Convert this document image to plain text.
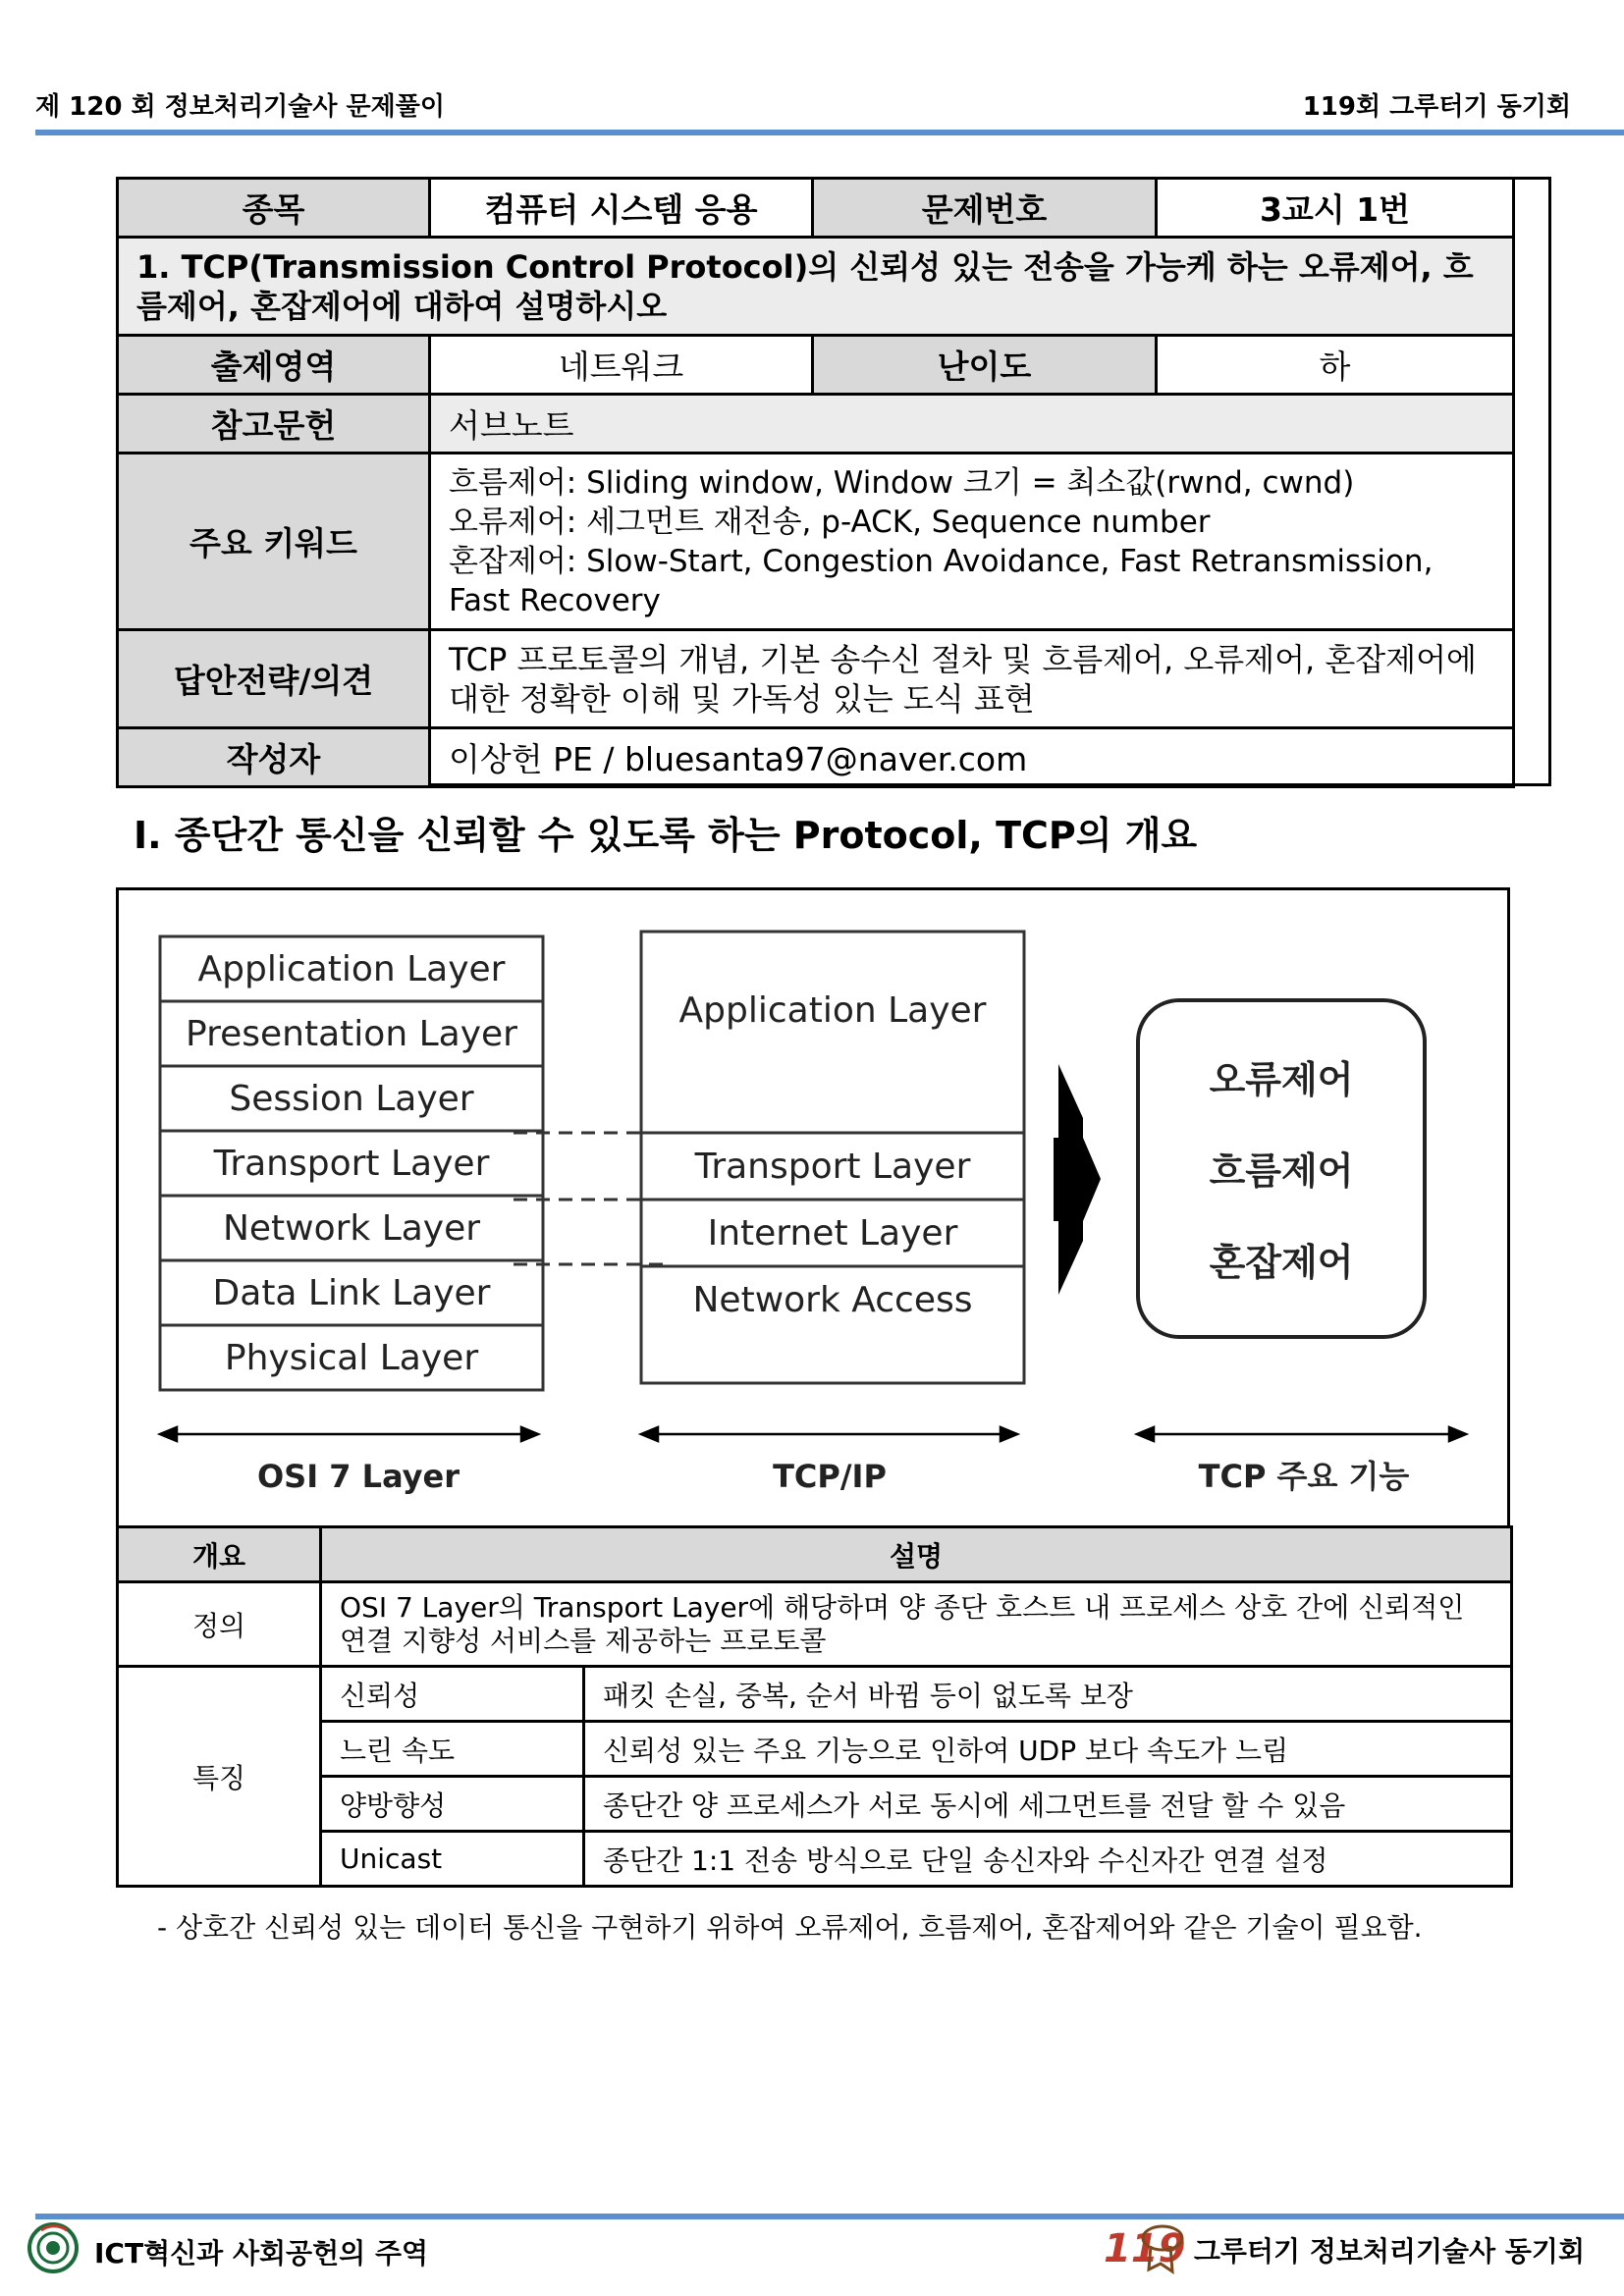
제 120 회 정보처리기술사 문제풀이	119회 그루터기 동기회
종목	컴퓨터 시스템 응용	문제번호	3교시 1번
1. TCP(Transmission Control Protocol)의 신뢰성 있는 전송을 가능케 하는 오류제어, 흐름제어, 혼잡제어에 대하여 설명하시오			
출제영역	네트워크	난이도	하
참고문헌	서브노트		
주요 키워드	흐름제어: Sliding window, Window 크기 = 최소값(rwnd, cwnd)
오류제어: 세그먼트 재전송, p-ACK, Sequence number
혼잡제어: Slow-Start, Congestion Avoidance, Fast Retransmission, Fast Recovery		

답안전략/의견	TCP 프로토콜의 개념, 기본 송수신 절차 및 흐름제어, 오류제어, 혼잡제어에 대한 정확한 이해 및 가독성 있는 도식 표현		
작성자	이상헌 PE / bluesanta97@naver.com		
I. 종단간 통신을 신뢰할 수 있도록 하는 Protocol, TCP의 개요
Application Layer
Presentation Layer
Session Layer
Transport Layer
Network Layer
Data Link Layer
Physical Layer
Application Layer
Transport Layer
Internet Layer
Network Access
오류제어
흐름제어
혼잡제어
OSI 7 Layer	TCP/IP	TCP 주요 기능
개요	설명	
정의	OSI 7 Layer의 Transport Layer에 해당하며 양 종단 호스트 내 프로세스 상호 간에 신뢰적인 연결 지향성 서비스를 제공하는 프로토콜	
특징	신뢰성	패킷 손실, 중복, 순서 바뀜 등이 없도록 보장
	느린 속도	신뢰성 있는 주요 기능으로 인하여 UDP 보다 속도가 느림
	양방향성	종단간 양 프로세스가 서로 동시에 세그먼트를 전달 할 수 있음
	Unicast	종단간 1:1 전송 방식으로 단일 송신자와 수신자간 연결 설정
- 상호간 신뢰성 있는 데이터 통신을 구현하기 위하여 오류제어, 흐름제어, 혼잡제어와 같은 기술이 필요함.
ICT혁신과 사회공헌의 주역	119 그루터기 정보처리기술사 동기회
